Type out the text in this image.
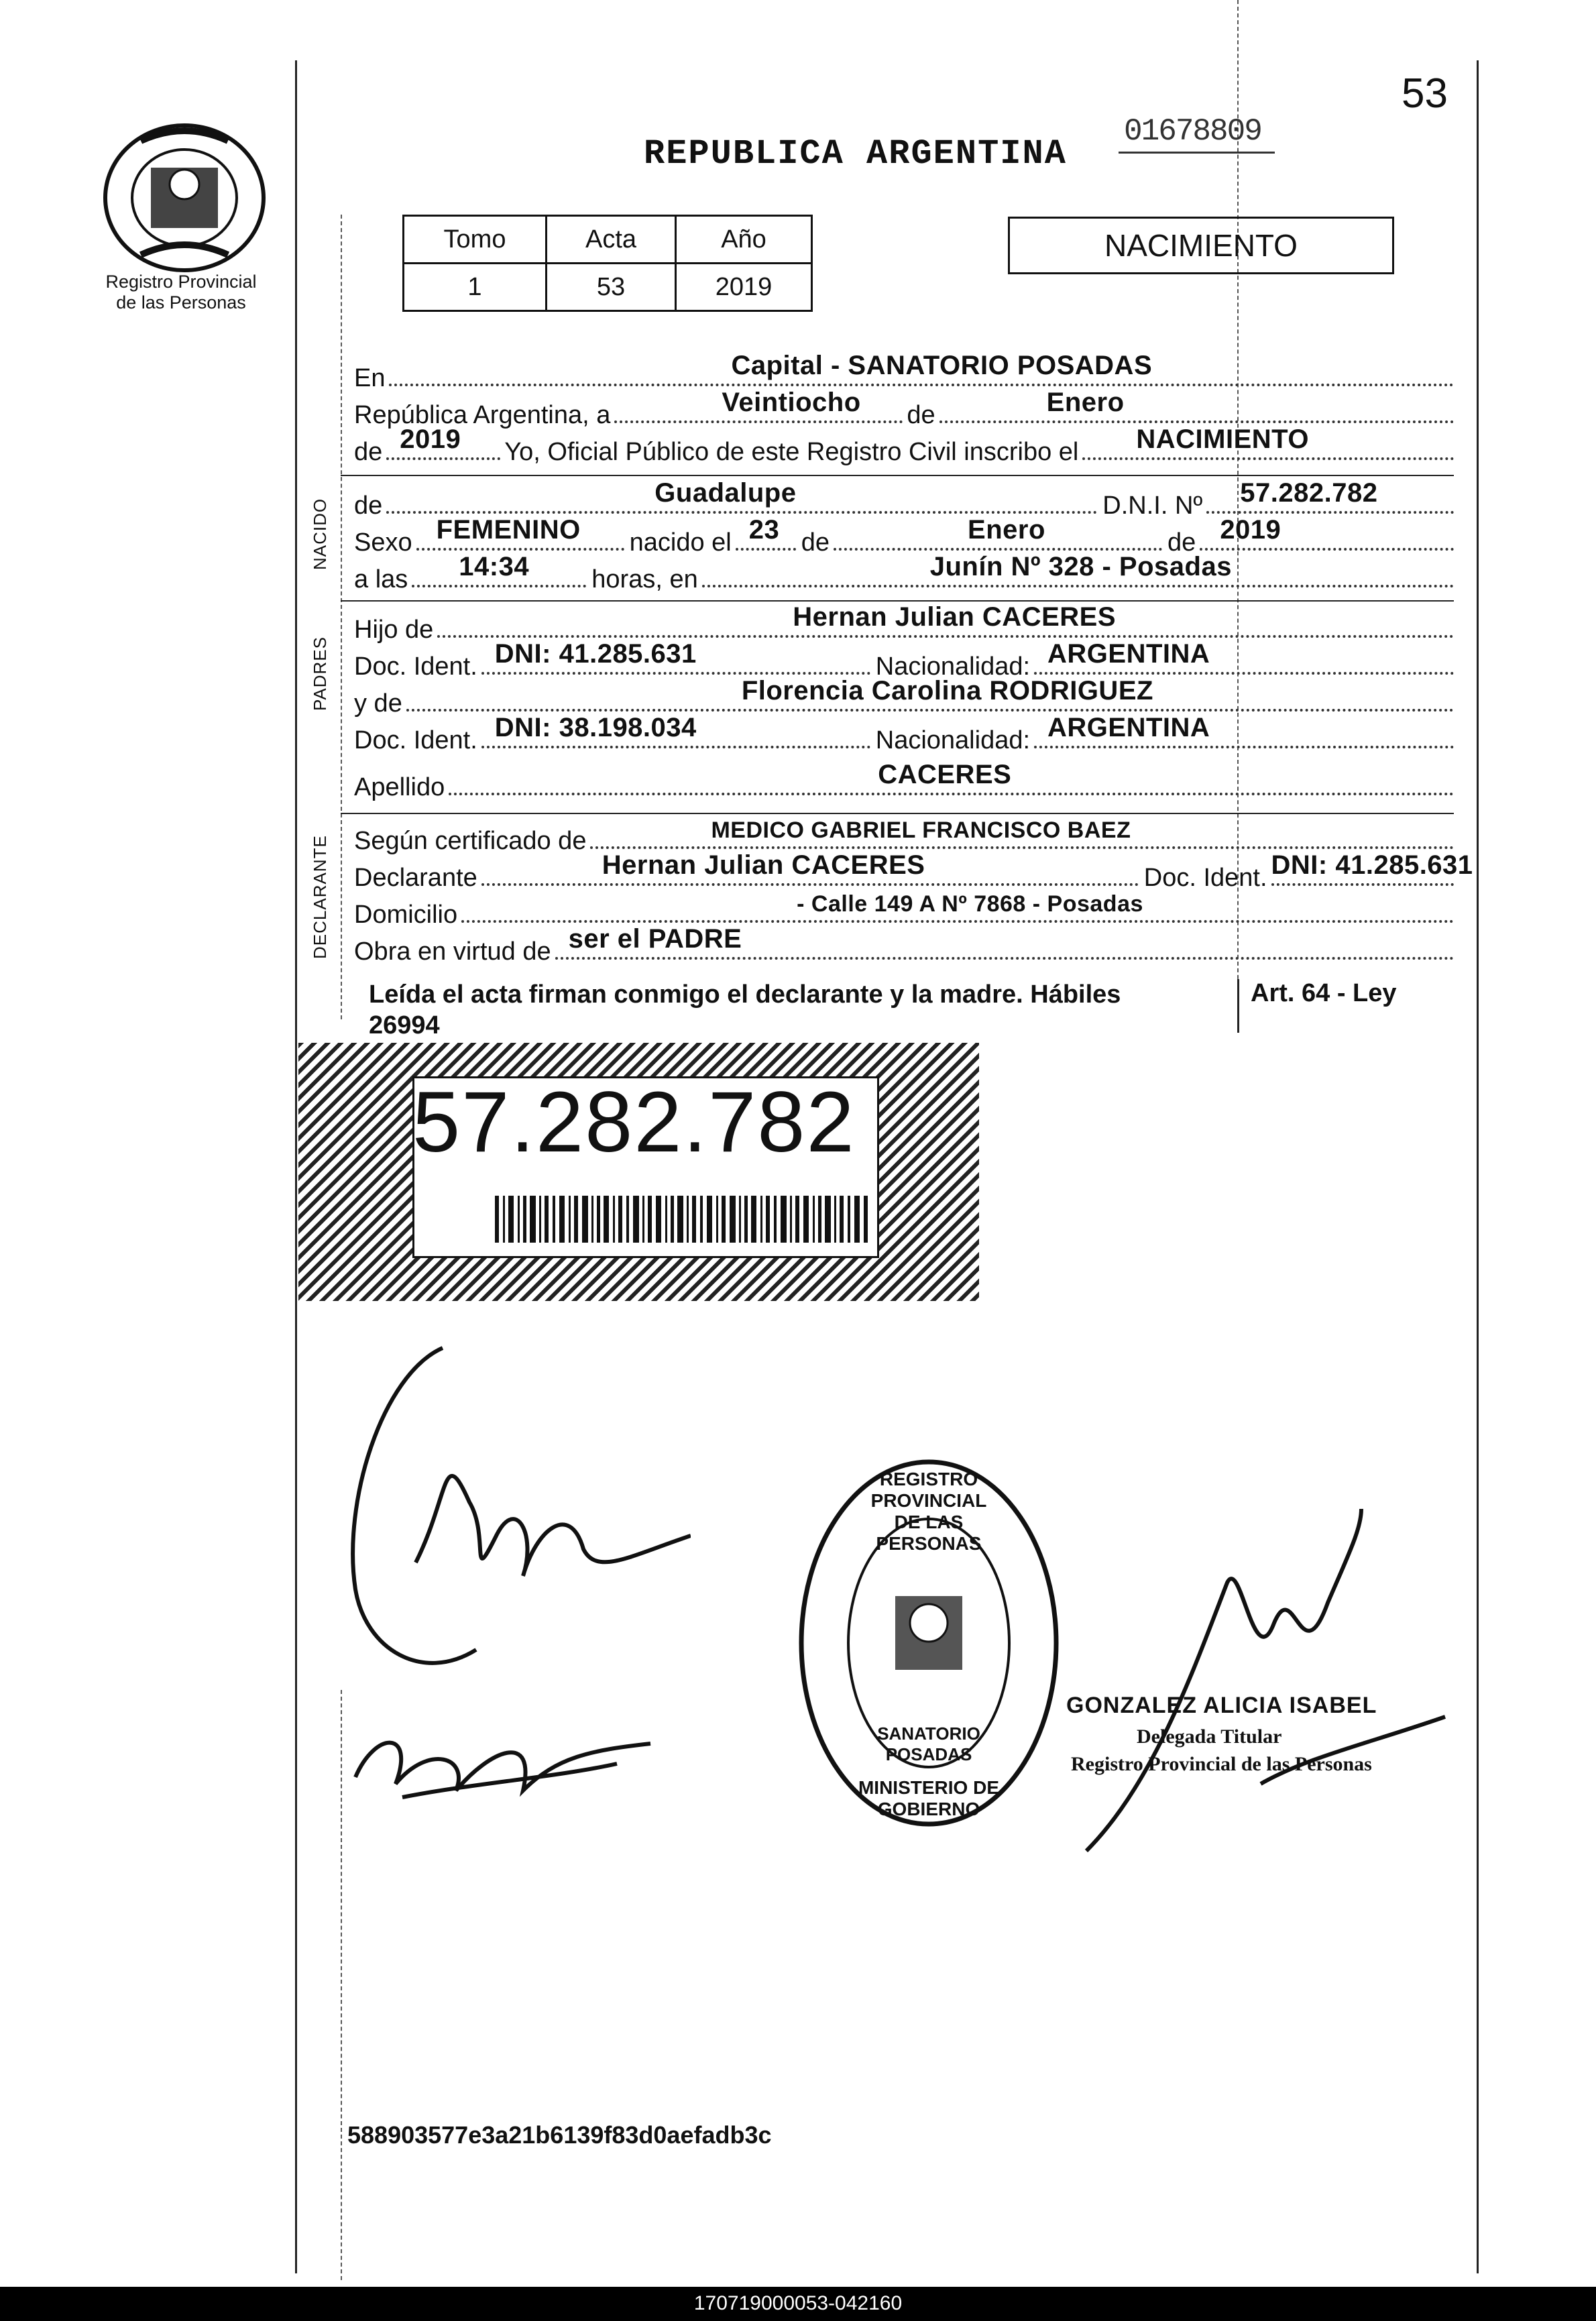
53
Registro Provincial
de las Personas
REPUBLICA ARGENTINA
01678809
NACIMIENTO
Tomo	Acta	Año
1	53	2019
En	Capital - SANATORIO POSADAS
República Argentina, a	Veintiocho de	Enero
de 2019 Yo, Oficial Público de este Registro Civil inscribo el NACIMIENTO
NACIDO de	Guadalupe	D.N.I. Nº 57.282.782
Sexo FEMENINO nacido el 23 de	Enero	de 2019
a las 14:34 horas, en	Junín Nº 328 - Posadas
PADRES
Hijo de	Hernan Julian CACERES
Doc. Ident. DNI: 41.285.631	Nacionalidad: ARGENTINA
y de	Florencia Carolina RODRIGUEZ
Doc. Ident. DNI: 38.198.034	Nacionalidad: ARGENTINA
Apellido	CACERES
DECLARANTE Según certificado de	MEDICO GABRIEL FRANCISCO BAEZ
Declarante	Hernan Julian CACERES	Doc. Ident. DNI: 41.285.631
Domicilio	- Calle 149 A Nº 7868 - Posadas
Obra en virtud de ser el PADRE
Leída el acta firman conmigo el declarante y la madre. Hábiles
26994
Art. 64 - Ley
57.282.782
REGISTRO PROVINCIAL DE LAS PERSONAS
SANATORIO POSADAS
MINISTERIO DE GOBIERNO
GONZALEZ ALICIA ISABEL
Delegada Titular
Registro Provincial de las Personas
588903577e3a21b6139f83d0aefadb3c
170719000053-042160
